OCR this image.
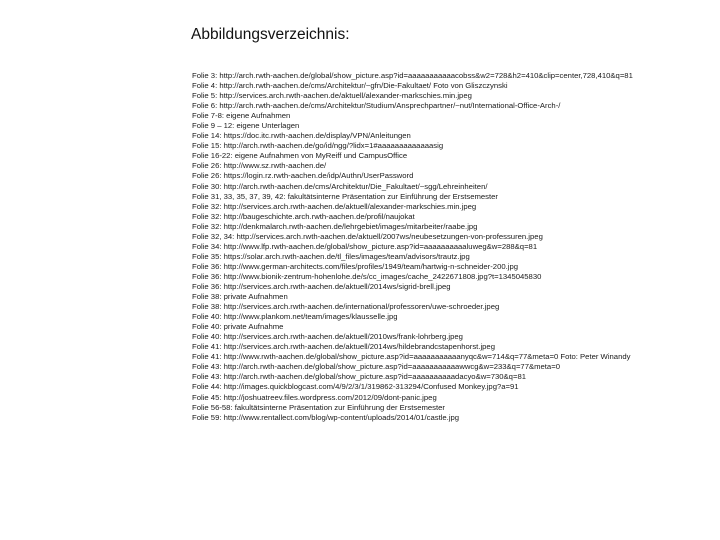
Abbildungsverzeichnis:
Folie 3: http://arch.rwth-aachen.de/global/show_picture.asp?id=aaaaaaaaaaacobss&w2=728&h2=410&clip=center,728,410&q=81
Folie 4: http://arch.rwth-aachen.de/cms/Architektur/~gfn/Die-Fakultaet/ Foto von Gliszczynski
Folie 5: http://services.arch.rwth-aachen.de/aktuell/alexander-markschies.min.jpeg
Folie 6: http://arch.rwth-aachen.de/cms/Architektur/Studium/Ansprechpartner/~nut/International-Office-Arch-/
Folie 7-8: eigene Aufnahmen
Folie 9 – 12: eigene Unterlagen
Folie 14: https://doc.itc.rwth-aachen.de/display/VPN/Anleitungen
Folie 15: http://arch.rwth-aachen.de/go/id/ngg/?lidx=1#aaaaaaaaaaaaasig
Folie 16-22: eigene Aufnahmen von MyReiff und CampusOffice
Folie 26: http://www.sz.rwth-aachen.de/
Folie 26: https://login.rz.rwth-aachen.de/idp/Authn/UserPassword
Folie 30: http://arch.rwth-aachen.de/cms/Architektur/Die_Fakultaet/~sgg/Lehreinheiten/
Folie 31, 33, 35, 37, 39, 42: fakultätsinterne Präsentation zur Einführung der Erstsemester
Folie 32: http://services.arch.rwth-aachen.de/aktuell/alexander-markschies.min.jpeg
Folie 32: http://baugeschichte.arch.rwth-aachen.de/profil/naujokat
Folie 32: http://denkmalarch.rwth-aachen.de/lehrgebiet/images/mitarbeiter/raabe.jpg
Folie 32, 34: http://services.arch.rwth-aachen.de/aktuell/2007ws/neubesetzungen-von-professuren.jpeg
Folie 34: http://www.lfp.rwth-aachen.de/global/show_picture.asp?id=aaaaaaaaaaluweg&w=288&q=81
Folie 35: https://solar.arch.rwth-aachen.de/tl_files/images/team/advisors/trautz.jpg
Folie 36: http://www.german-architects.com/files/profiles/1949/team/hartwig-n-schneider-200.jpg
Folie 36: http://www.bionik-zentrum-hohenlohe.de/s/cc_images/cache_2422671808.jpg?t=1345045830
Folie 36: http://services.arch.rwth-aachen.de/aktuell/2014ws/sigrid-brell.jpeg
Folie 38: private Aufnahmen
Folie 38: http://services.arch.rwth-aachen.de/international/professoren/uwe-schroeder.jpeg
Folie 40: http://www.plankom.net/team/images/klausselle.jpg
Folie 40: private Aufnahme
Folie 40: http://services.arch.rwth-aachen.de/aktuell/2010ws/frank-lohrberg.jpeg
Folie 41: http://services.arch.rwth-aachen.de/aktuell/2014ws/hildebrandcstapenhorst.jpeg
Folie 41: http://www.rwth-aachen.de/global/show_picture.asp?id=aaaaaaaaaaanyqc&w=714&q=77&meta=0 Foto: Peter Winandy
Folie 43: http://arch.rwth-aachen.de/global/show_picture.asp?id=aaaaaaaaaaawwcg&w=233&q=77&meta=0
Folie 43: http://arch.rwth-aachen.de/global/show_picture.asp?id=aaaaaaaaaadacyo&w=730&q=81
Folie 44: http://images.quickblogcast.com/4/9/2/3/1/319862-313294/Confused Monkey.jpg?a=91
Folie 45: http://joshuatreev.files.wordpress.com/2012/09/dont-panic.jpeg
Folie 56-58: fakultätsinterne Präsentation zur Einführung der Erstsemester
Folie 59: http://www.rentallect.com/blog/wp-content/uploads/2014/01/castle.jpg
